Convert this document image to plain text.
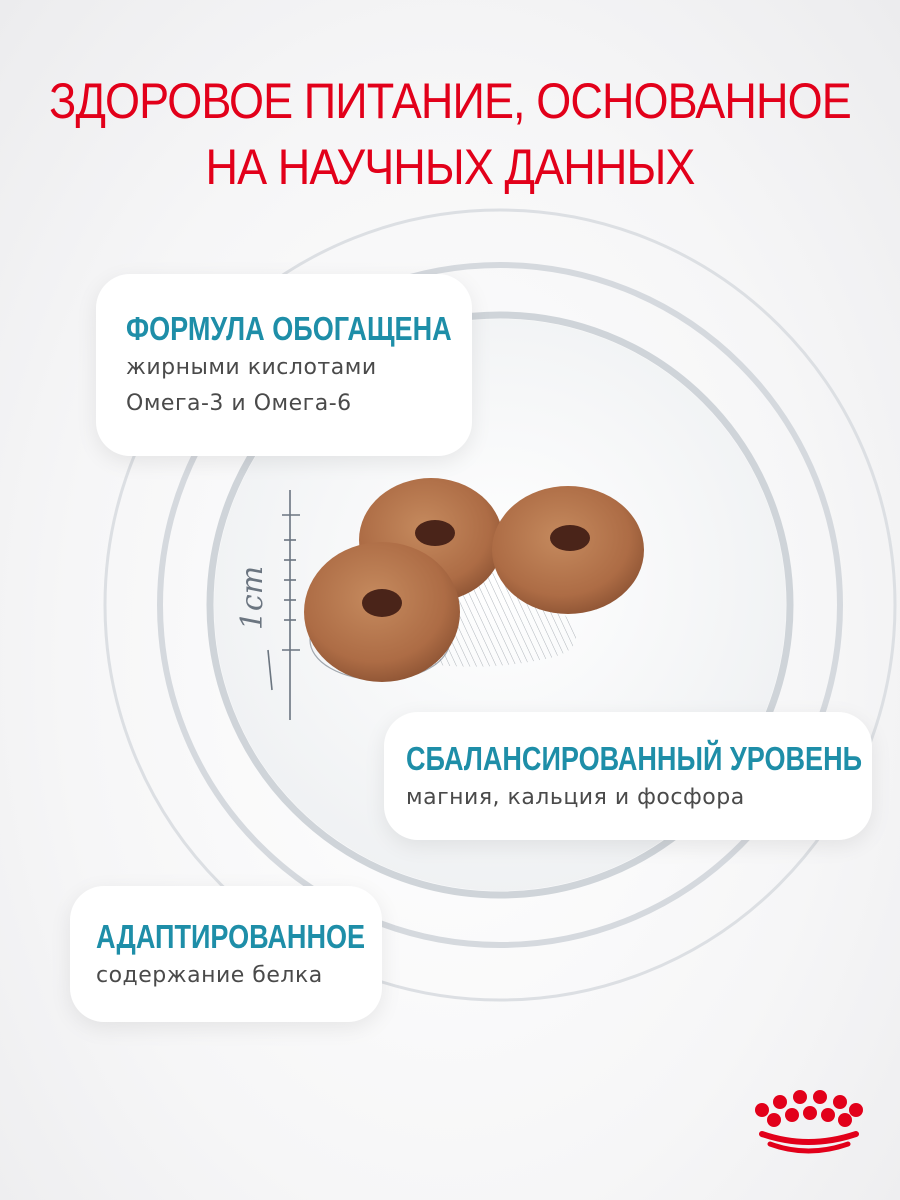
1cm
ЗДОРОВОЕ ПИТАНИЕ, ОСНОВАННОЕ
НА НАУЧНЫХ ДАННЫХ
ФОРМУЛА ОБОГАЩЕНА
жирными кислотами
Омега-3 и Омега-6
СБАЛАНСИРОВАННЫЙ УРОВЕНЬ
магния, кальция и фосфора
АДАПТИРОВАННОЕ
содержание белка
